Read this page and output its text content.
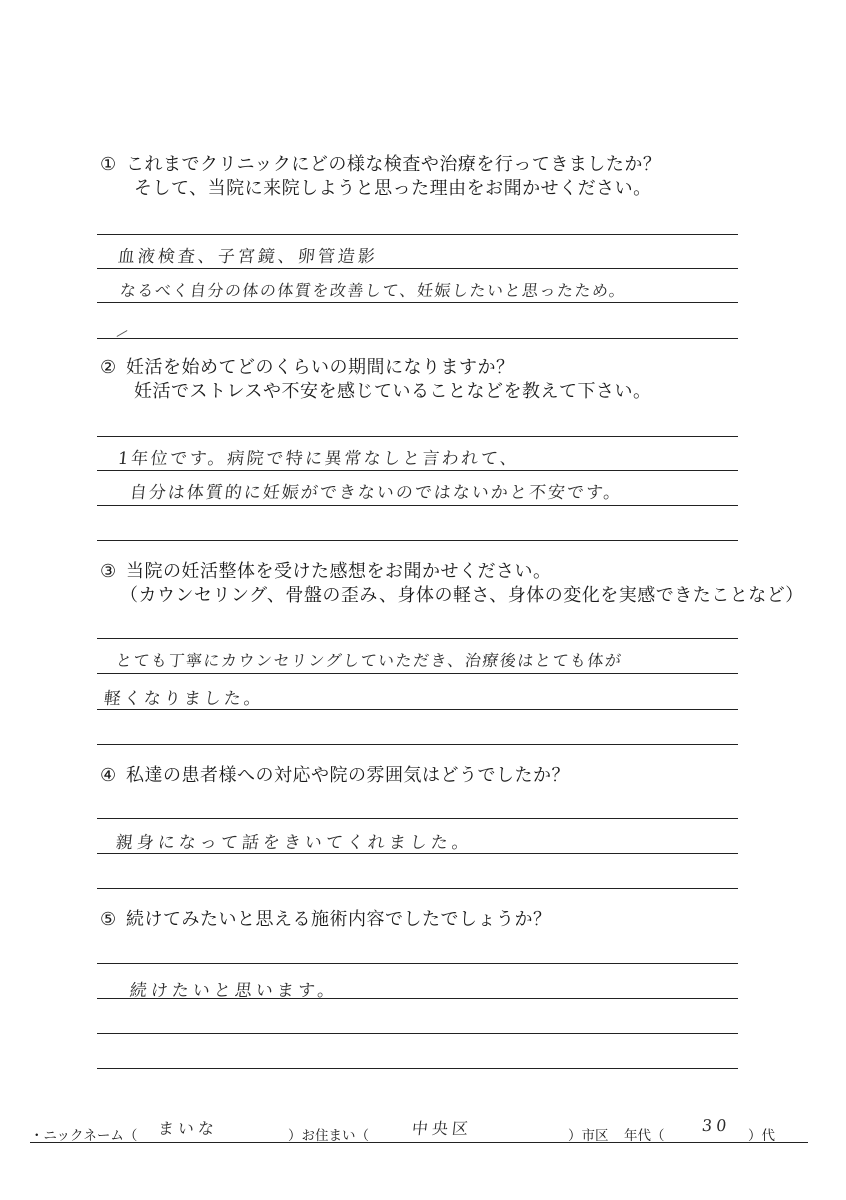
① これまでクリニックにどの様な検査や治療を行ってきましたか？
そして、当院に来院しようと思った理由をお聞かせください。
血液検査、子宮鏡、卵管造影
なるべく自分の体の体質を改善して、妊娠したいと思ったため。
② 妊活を始めてどのくらいの期間になりますか？
妊活でストレスや不安を感じていることなどを教えて下さい。
1年位です。病院で特に異常なしと言われて、
自分は体質的に妊娠ができないのではないかと不安です。
③ 当院の妊活整体を受けた感想をお聞かせください。
（カウンセリング、骨盤の歪み、身体の軽さ、身体の変化を実感できたことなど）
とても丁寧にカウンセリングしていただき、治療後はとても体が
軽くなりました。
④ 私達の患者様への対応や院の雰囲気はどうでしたか？
親身になって話をきいてくれました。
⑤ 続けてみたいと思える施術内容でしたでしょうか？
続けたいと思います。
・ニックネーム（ まいな	）お住まい（	中央区	）市区 年代（
30
）代
